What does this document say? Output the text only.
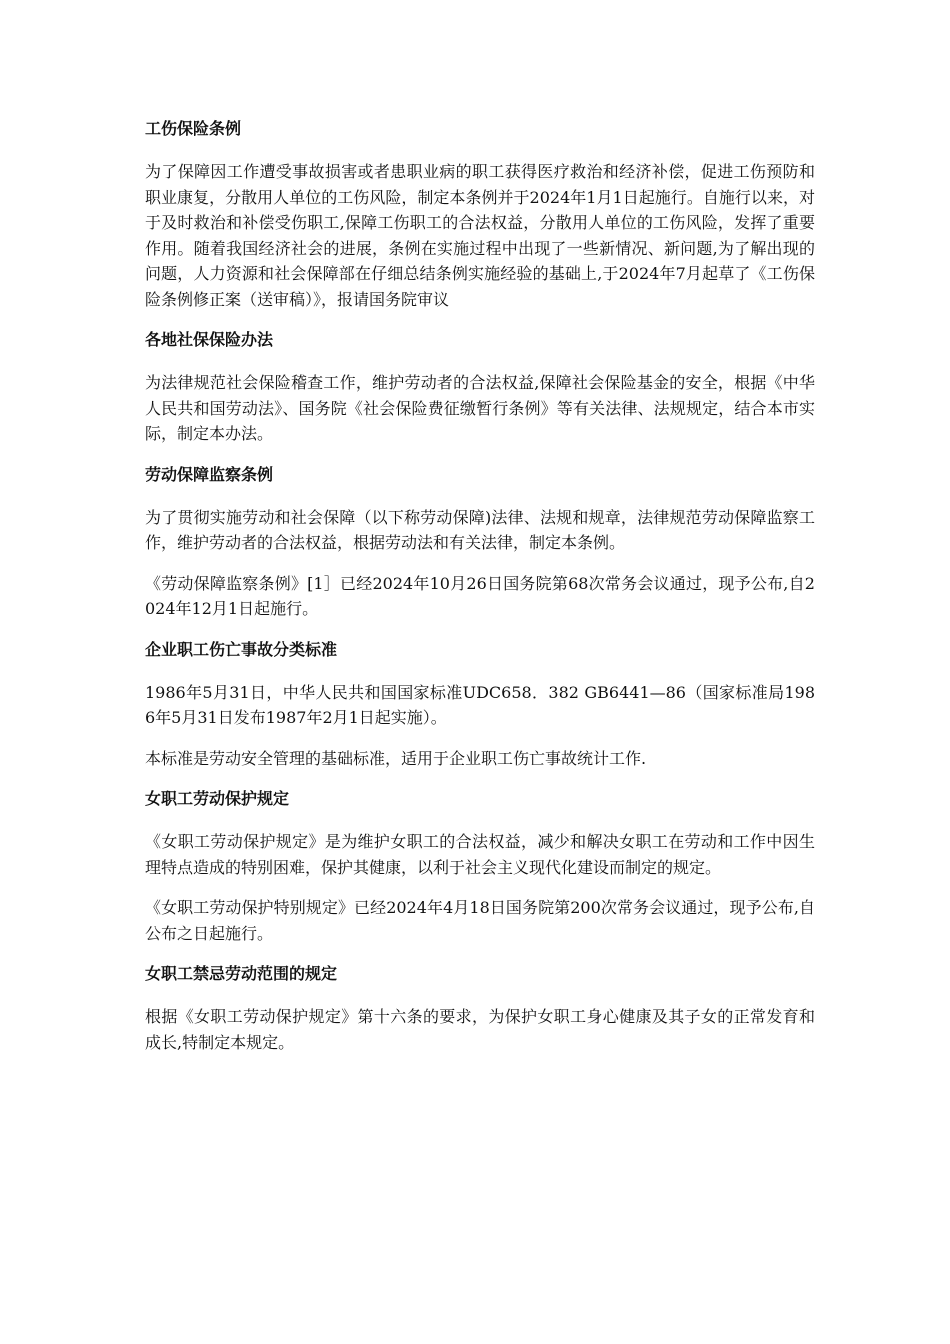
工伤保险条例
为了保障因工作遭受事故损害或者患职业病的职工获得医疗救治和经济补偿，促进工伤预防和职业康复，分散用人单位的工伤风险，制定本条例并于2024年1月1日起施行。自施行以来，对于及时救治和补偿受伤职工,保障工伤职工的合法权益，分散用人单位的工伤风险，发挥了重要作用。随着我国经济社会的进展，条例在实施过程中出现了一些新情况、新问题,为了解出现的问题，人力资源和社会保障部在仔细总结条例实施经验的基础上,于2024年7月起草了《工伤保险条例修正案（送审稿）》，报请国务院审议
各地社保保险办法
为法律规范社会保险稽查工作，维护劳动者的合法权益,保障社会保险基金的安全，根据《中华人民共和国劳动法》、国务院《社会保险费征缴暂行条例》等有关法律、法规规定，结合本市实际，制定本办法。
劳动保障监察条例
为了贯彻实施劳动和社会保障（以下称劳动保障)法律、法规和规章，法律规范劳动保障监察工作，维护劳动者的合法权益，根据劳动法和有关法律，制定本条例。
《劳动保障监察条例》[1］已经2024年10月26日国务院第68次常务会议通过，现予公布,自2024年12月1日起施行。
企业职工伤亡事故分类标准
1986年5月31日，中华人民共和国国家标准UDC658．382 GB6441—86（国家标准局1986年5月31日发布1987年2月1日起实施）。
本标准是劳动安全管理的基础标准，适用于企业职工伤亡事故统计工作.
女职工劳动保护规定
《女职工劳动保护规定》是为维护女职工的合法权益，减少和解决女职工在劳动和工作中因生理特点造成的特别困难，保护其健康，以利于社会主义现代化建设而制定的规定。
《女职工劳动保护特别规定》已经2024年4月18日国务院第200次常务会议通过，现予公布,自公布之日起施行。
女职工禁忌劳动范围的规定
根据《女职工劳动保护规定》第十六条的要求，为保护女职工身心健康及其子女的正常发育和成长,特制定本规定。
